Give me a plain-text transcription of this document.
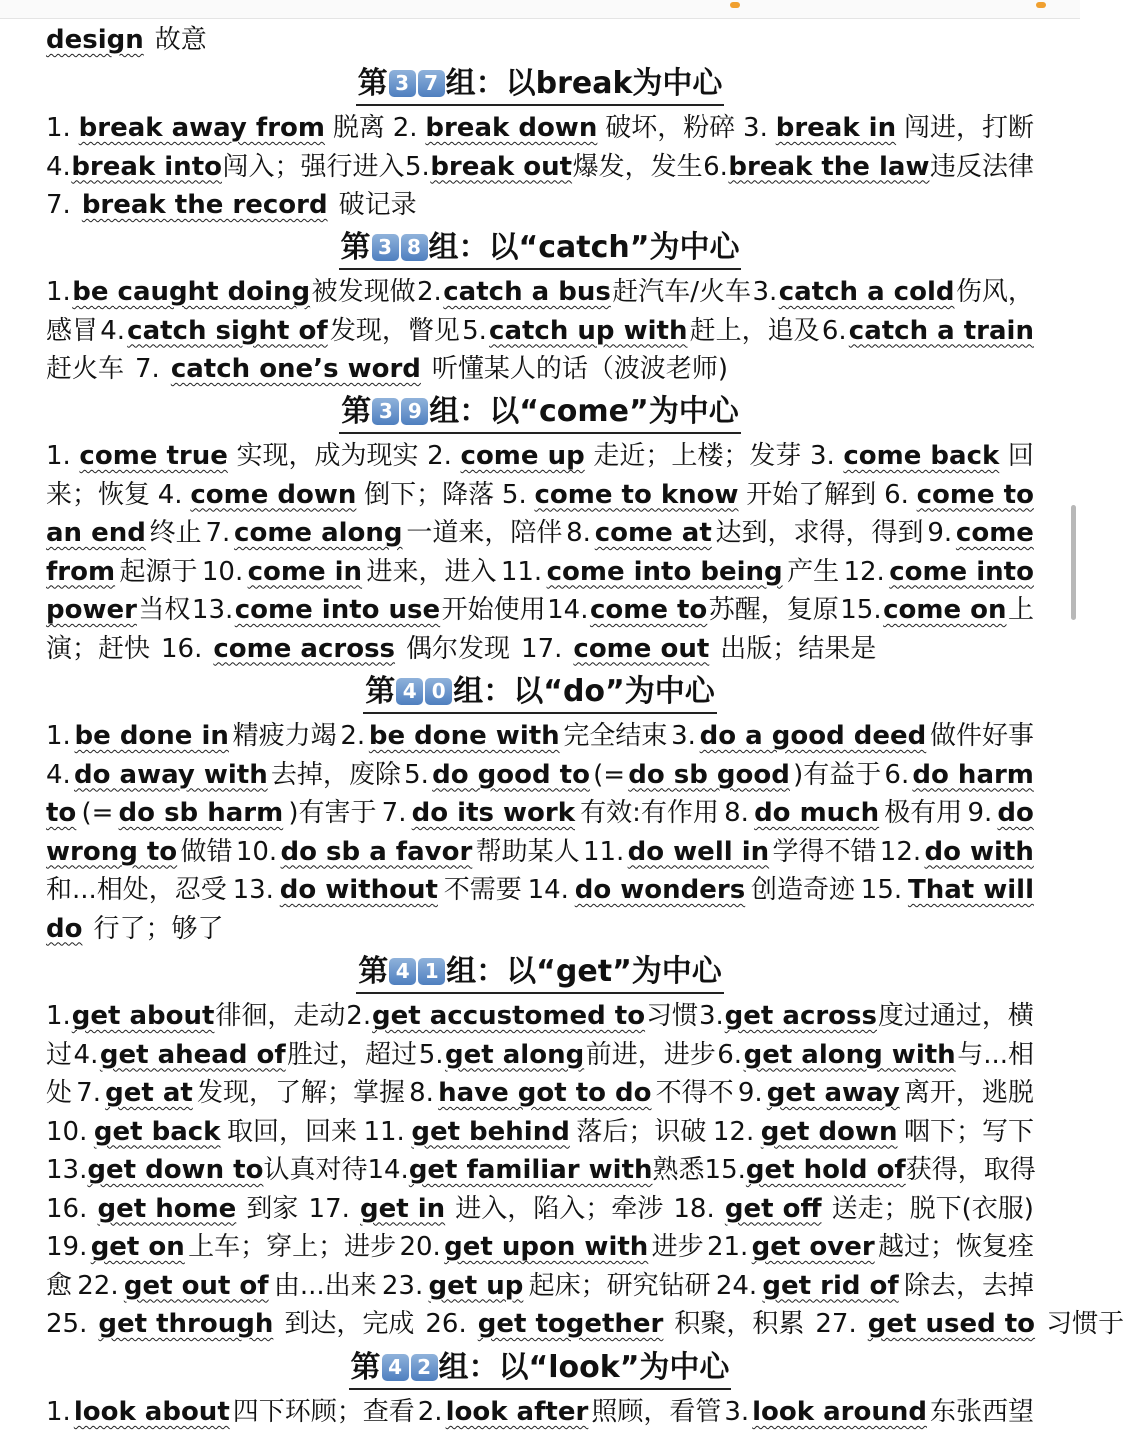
design 故意
第 3 7 组：以break为中心
1. break away from 脱离 2. break down 破坏，粉碎 3. break in 闯进，打断
4. break into 闯入；强行进入 5. break out 爆发，发生 6. break the law 违反法律
7. break the record 破记录
第 3 8 组：以“catch”为中心
1. be caught doing 被发现做 2. catch a bus 赶汽车/火车 3. catch a cold 伤风，
感冒 4. catch sight of 发现，瞥见 5. catch up with 赶上，追及 6. catch a train
赶火车 7. catch one’s word 听懂某人的话（波波老师)
第 3 9 组：以“come”为中心
1. come true 实现，成为现实 2. come up 走近；上楼；发芽 3. come back 回
来；恢复 4. come down 倒下；降落 5. come to know 开始了解到 6. come to
an end 终止 7. come along 一道来，陪伴 8. come at 达到，求得，得到 9. come
from 起源于 10. come in 进来，进入 11. come into being 产生 12. come into
power 当权 13. come into use 开始使用 14. come to 苏醒，复原 15. come on 上
演；赶快 16. come across 偶尔发现 17. come out 出版；结果是
第 4 0 组：以“do”为中心
1. be done in 精疲力竭 2. be done with 完全结束 3. do a good deed 做件好事
4. do away with 去掉，废除 5. do good to (= do sb good )有益于 6. do harm
to (= do sb harm )有害于 7. do its work 有效:有作用 8. do much 极有用 9. do
wrong to 做错 10. do sb a favor 帮助某人 11. do well in 学得不错 12. do with
和...相处，忍受 13. do without 不需要 14. do wonders 创造奇迹 15. That will
do 行了；够了
第 4 1 组：以“get”为中心
1. get about 徘徊，走动 2. get accustomed to 习惯 3. get across 度过通过，横
过 4. get ahead of 胜过，超过 5. get along 前进，进步 6. get along with 与...相
处 7. get at 发现，了解；掌握 8. have got to do 不得不 9. get away 离开，逃脱
10. get back 取回，回来 11. get behind 落后；识破 12. get down 咽下；写下
13. get down to 认真对待 14. get familiar with 熟悉 15. get hold of 获得，取得
16. get home 到家 17. get in 进入，陷入；牵涉 18. get off 送走；脱下(衣服)
19. get on 上车；穿上；进步 20. get upon with 进步 21. get over 越过；恢复痊
愈 22. get out of 由...出来 23. get up 起床；研究钻研 24. get rid of 除去，去掉
25. get through 到达，完成 26. get together 积聚，积累 27. get used to 习惯于
第 4 2 组：以“look”为中心
1. look about 四下环顾；查看 2. look after 照顾，看管 3. look around 东张西望
